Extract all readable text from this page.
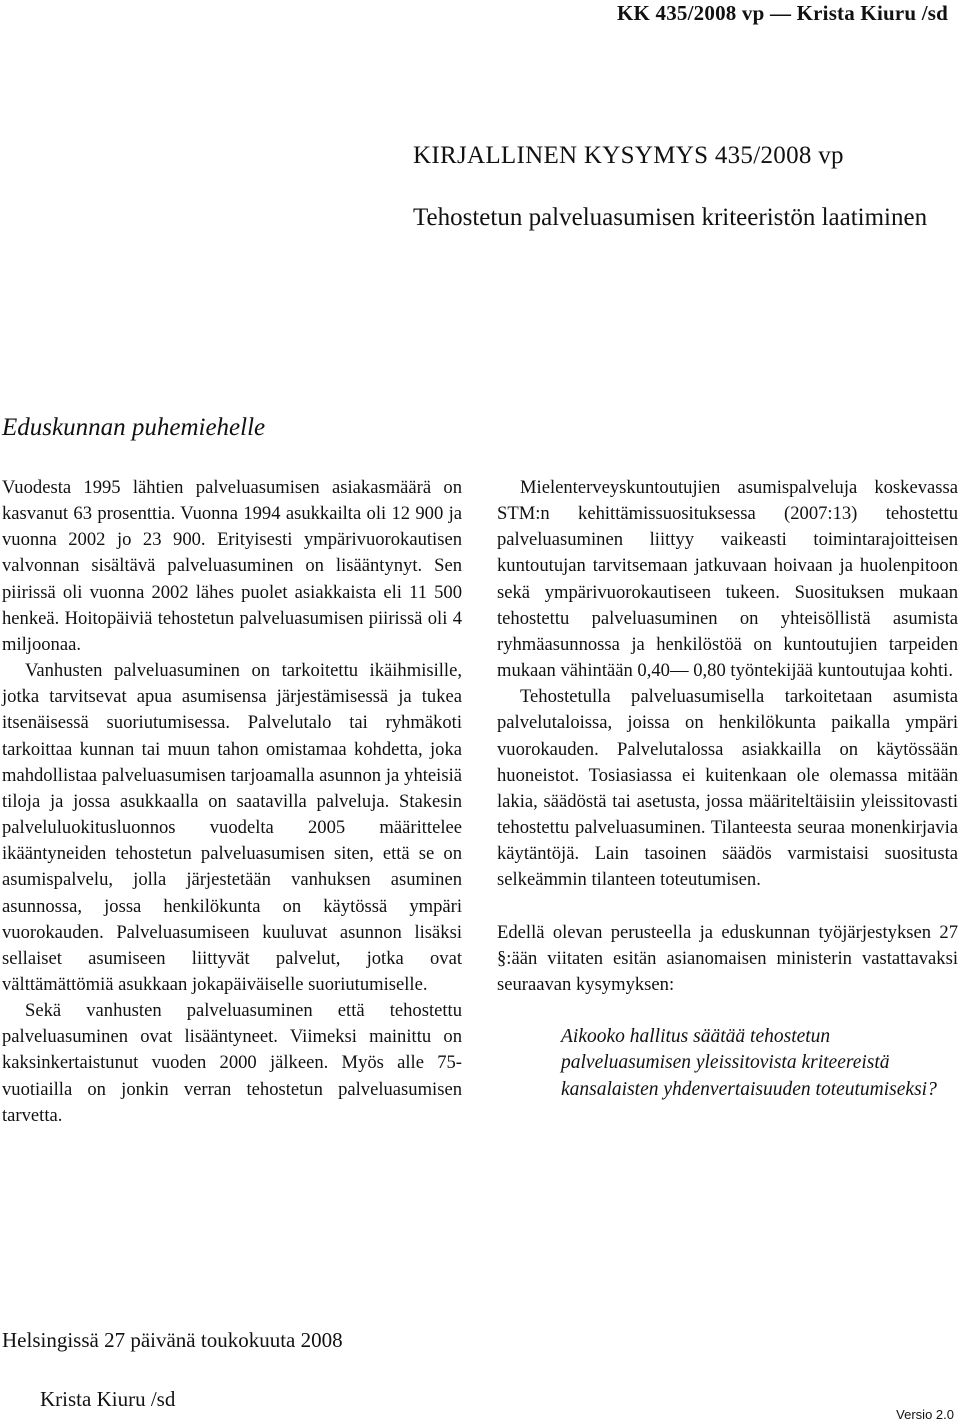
KK 435/2008 vp — Krista Kiuru /sd
KIRJALLINEN KYSYMYS 435/2008 vp
Tehostetun palveluasumisen kriteeristön laatiminen
Eduskunnan puhemiehelle

Vuodesta 1995 lähtien palveluasumisen asiakasmäärä on kasvanut 63 prosenttia. Vuonna 1994 asukkailta oli 12 900 ja vuonna 2002 jo 23 900. Erityisesti ympärivuorokautisen valvonnan sisältävä palveluasuminen on lisääntynyt. Sen piirissä oli vuonna 2002 lähes puolet asiakkaista eli 11 500 henkeä. Hoitopäiviä tehostetun palveluasumisen piirissä oli 4 miljoonaa.

Vanhusten palveluasuminen on tarkoitettu ikäihmisille, jotka tarvitsevat apua asumisensa järjestämisessä ja tukea itsenäisessä suoriutumisessa. Palvelutalo tai ryhmäkoti tarkoittaa kunnan tai muun tahon omistamaa kohdetta, joka mahdollistaa palveluasumisen tarjoamalla asunnon ja yhteisiä tiloja ja jossa asukkaalla on saatavilla palveluja. Stakesin palveluluokitusluonnos vuodelta 2005 määrittelee ikääntyneiden tehostetun palveluasumisen siten, että se on asumispalvelu, jolla järjestetään vanhuksen asuminen asunnossa, jossa henkilökunta on käytössä ympäri vuorokauden. Palveluasumiseen kuuluvat asunnon lisäksi sellaiset asumiseen liittyvät palvelut, jotka ovat välttämättömiä asukkaan jokapäiväiselle suoriutumiselle.

Sekä vanhusten palveluasuminen että tehostettu palveluasuminen ovat lisääntyneet. Viimeksi mainittu on kaksinkertaistunut vuoden 2000 jälkeen. Myös alle 75-vuotiailla on jonkin verran tehostetun palveluasumisen tarvetta.

Mielenterveyskuntoutujien asumispalveluja koskevassa STM:n kehittämissuosituksessa (2007:13) tehostettu palveluasuminen liittyy vaikeasti toimintarajoitteisen kuntoutujan tarvitsemaan jatkuvaan hoivaan ja huolenpitoon sekä ympärivuorokautiseen tukeen. Suosituksen mukaan tehostettu palveluasuminen on yhteisöllistä asumista ryhmäasunnossa ja henkilöstöä on kuntoutujien tarpeiden mukaan vähintään 0,40— 0,80 työntekijää kuntoutujaa kohti.

Tehostetulla palveluasumisella tarkoitetaan asumista palvelutaloissa, joissa on henkilökunta paikalla ympäri vuorokauden. Palvelutalossa asiakkailla on käytössään huoneistot. Tosiasiassa ei kuitenkaan ole olemassa mitään lakia, säädöstä tai asetusta, jossa määriteltäisiin yleissitovasti tehostettu palveluasuminen. Tilanteesta seuraa monenkirjavia käytäntöjä. Lain tasoinen säädös varmistaisi suositusta selkeämmin tilanteen toteutumisen.

Edellä olevan perusteella ja eduskunnan työjärjestyksen 27 §:ään viitaten esitän asianomaisen ministerin vastattavaksi seuraavan kysymyksen:

Aikooko hallitus säätää tehostetun palveluasumisen yleissitovista kriteereistä kansalaisten yhdenvertaisuuden toteutumiseksi?

Helsingissä 27 päivänä toukokuuta 2008
Krista Kiuru /sd
Versio 2.0
